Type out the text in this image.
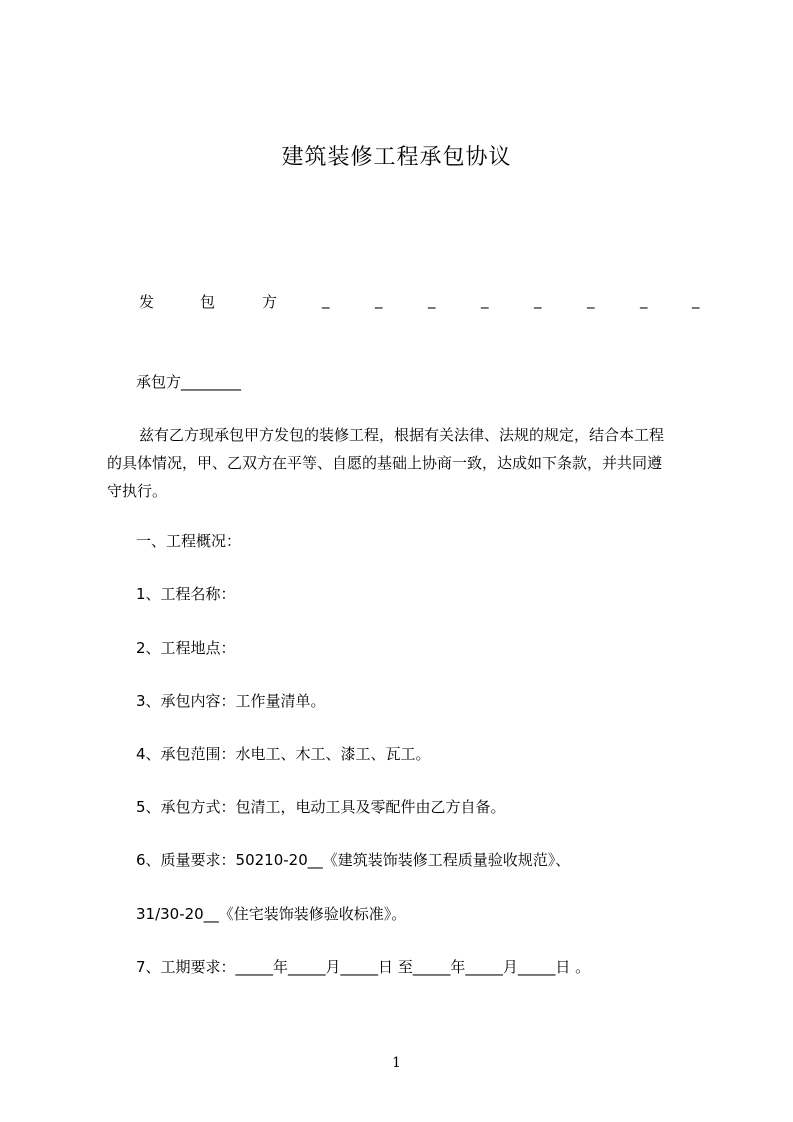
建筑装修工程承包协议
发	包	方	_	_	_	_	_	_	_	_
承包方________

兹有乙方现承包甲方发包的装修工程，根据有关法律、法规的规定，结合本工程

的具体情况，甲、乙双方在平等、自愿的基础上协商一致，达成如下条款，并共同遵

守执行。

一、工程概况：
1、工程名称：
2、工程地点：
3、承包内容：工作量清单。
4、承包范围：水电工、木工、漆工、瓦工。
5、承包方式：包清工，电动工具及零配件由乙方自备。
6、质量要求：50210-20__《建筑装饰装修工程质量验收规范》、
31/30-20__《住宅装饰装修验收标准》。
7、工期要求：_____年_____月_____日 至_____年_____月_____日 。
1
